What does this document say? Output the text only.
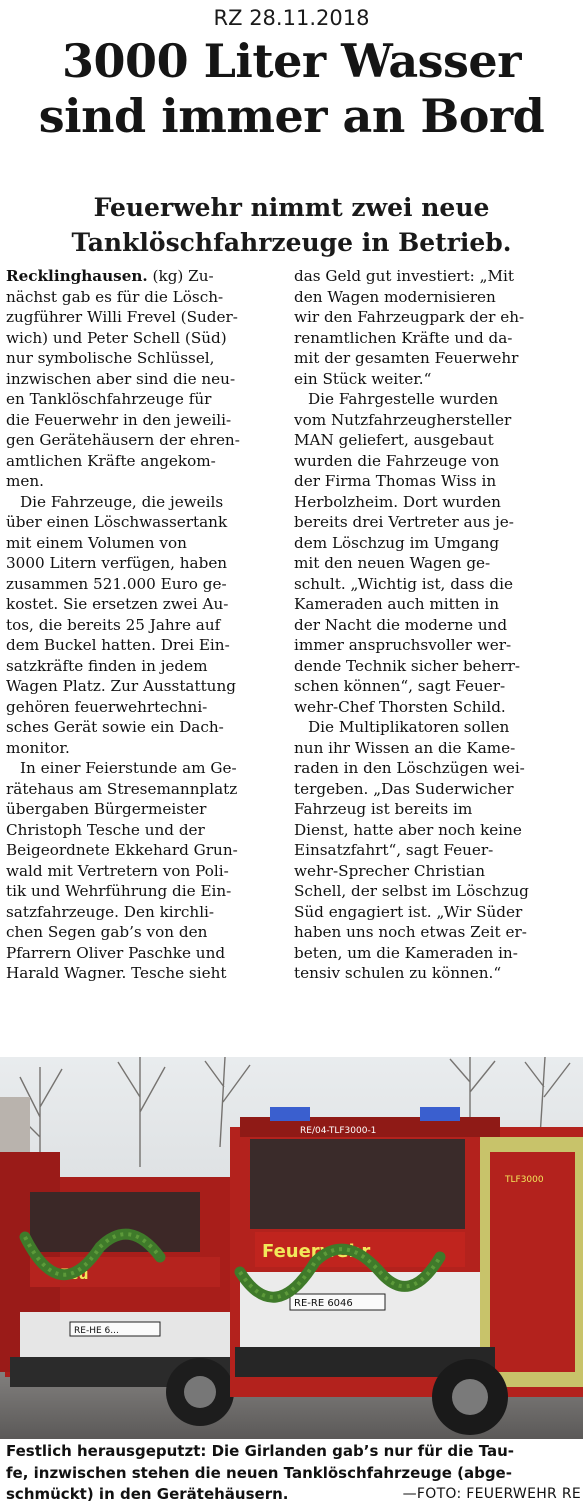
RZ 28.11.2018
3000 Liter Wasser
sind immer an Bord
Feuerwehr nimmt zwei neue
Tanklöschfahrzeuge in Betrieb.
Recklinghausen. (kg) Zu-
nächst gab es für die Lösch-
zugführer Willi Frevel (Suder-
wich) und Peter Schell (Süd)
nur symbolische Schlüssel,
inzwischen aber sind die neu-
en Tanklöschfahrzeuge für
die Feuerwehr in den jeweili-
gen Gerätehäusern der ehren-
amtlichen Kräfte angekom-
men.
Die Fahrzeuge, die jeweils
über einen Löschwassertank
mit einem Volumen von
3000 Litern verfügen, haben
zusammen 521.000 Euro ge-
kostet. Sie ersetzen zwei Au-
tos, die bereits 25 Jahre auf
dem Buckel hatten. Drei Ein-
satzkräfte finden in jedem
Wagen Platz. Zur Ausstattung
gehören feuerwehrtechni-
sches Gerät sowie ein Dach-
monitor.
In einer Feierstunde am Ge-
rätehaus am Stresemannplatz
übergaben Bürgermeister
Christoph Tesche und der
Beigeordnete Ekkehard Grun-
wald mit Vertretern von Poli-
tik und Wehrführung die Ein-
satzfahrzeuge. Den kirchli-
chen Segen gab’s von den
Pfarrern Oliver Paschke und
Harald Wagner. Tesche sieht
das Geld gut investiert: „Mit
den Wagen modernisieren
wir den Fahrzeugpark der eh-
renamtlichen Kräfte und da-
mit der gesamten Feuerwehr
ein Stück weiter.“
Die Fahrgestelle wurden
vom Nutzfahrzeughersteller
MAN geliefert, ausgebaut
wurden die Fahrzeuge von
der Firma Thomas Wiss in
Herbolzheim. Dort wurden
bereits drei Vertreter aus je-
dem Löschzug im Umgang
mit den neuen Wagen ge-
schult. „Wichtig ist, dass die
Kameraden auch mitten in
der Nacht die moderne und
immer anspruchsvoller wer-
dende Technik sicher beherr-
schen können“, sagt Feuer-
wehr-Chef Thorsten Schild.
Die Multiplikatoren sollen
nun ihr Wissen an die Kame-
raden in den Löschzügen wei-
tergeben. „Das Suderwicher
Fahrzeug ist bereits im
Dienst, hatte aber noch keine
Einsatzfahrt“, sagt Feuer-
wehr-Sprecher Christian
Schell, der selbst im Löschzug
Süd engagiert ist. „Wir Süder
haben uns noch etwas Zeit er-
beten, um die Kameraden in-
tensiv schulen zu können.“
Feu
RE-HE 6...
RE/04-TLF3000-1
Feuerwehr
TLF3000
RE-RE 6046
Festlich herausgeputzt: Die Girlanden gab’s nur für die Tau-
fe, inzwischen stehen die neuen Tanklöschfahrzeuge (abge-
schmückt) in den Gerätehäusern.	—FOTO: FEUERWEHR RE
